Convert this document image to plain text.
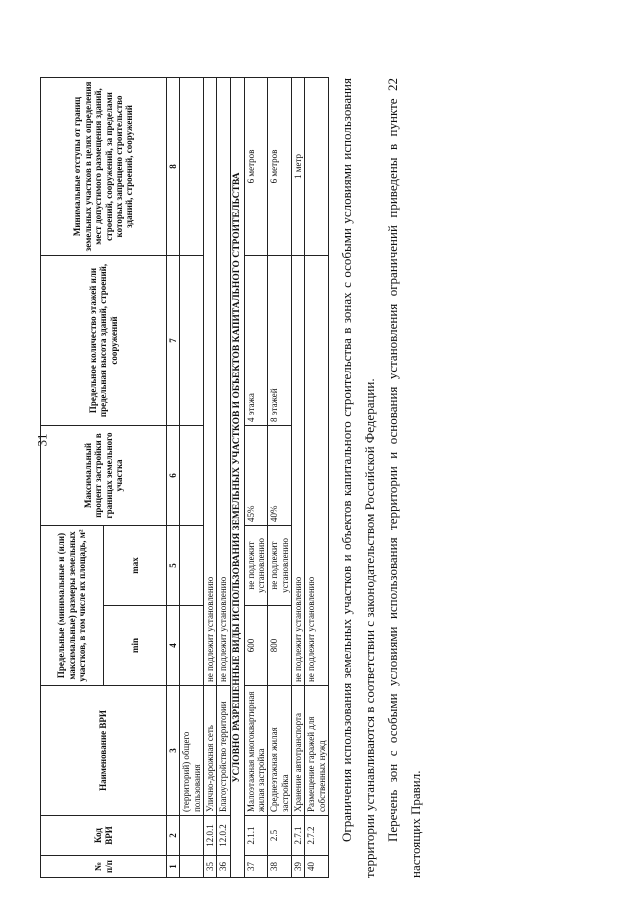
31
№ п/п	Код ВРИ	Наименование ВРИ	Предельные (минимальные и (или) максимальные) размеры земельных участков, в том числе их площадь, м²		Максимальный процент застройки в границах земельного участка	Предельное количество этажей или предельная высота зданий, строений, сооружений	Минимальные отступы от границ земельных участков в целях определения мест допустимого размещения зданий, строений, сооружений, за пределами которых запрещено строительство зданий, строений, сооружений
			min	max			
1	2	3	4	5	6	7	8
		(территорий) общего пользования					
35	12.0.1	Улично-дорожная сеть	не подлежит установлению				
36	12.0.2	Благоустройство территории	не подлежит установлению				
УСЛОВНО РАЗРЕШЕННЫЕ ВИДЫ ИСПОЛЬЗОВАНИЯ ЗЕМЕЛЬНЫХ УЧАСТКОВ И ОБЪЕКТОВ КАПИТАЛЬНОГО СТРОИТЕЛЬСТВА							
37	2.1.1	Малоэтажная многоквартирная жилая застройка	600	не подлежит установлению	45%	4 этажа	6 метров
38	2.5	Среднеэтажная жилая застройка	800	не подлежит установлению	40%	8 этажей	6 метров
39	2.7.1	Хранение автотранспорта	не подлежит установлению				1 метр
40	2.7.2	Размещение гаражей для собственных нужд	не подлежит установлению					Ограничения использования земельных участков и объектов капитального строительства в зонах с особыми условиями использования территории устанавливаются в соответствии с законодательством Российской Федерации. Перечень зон с особыми условиями использования территории и основания установления ограничений приведены в пункте 22 настоящих Правил.
